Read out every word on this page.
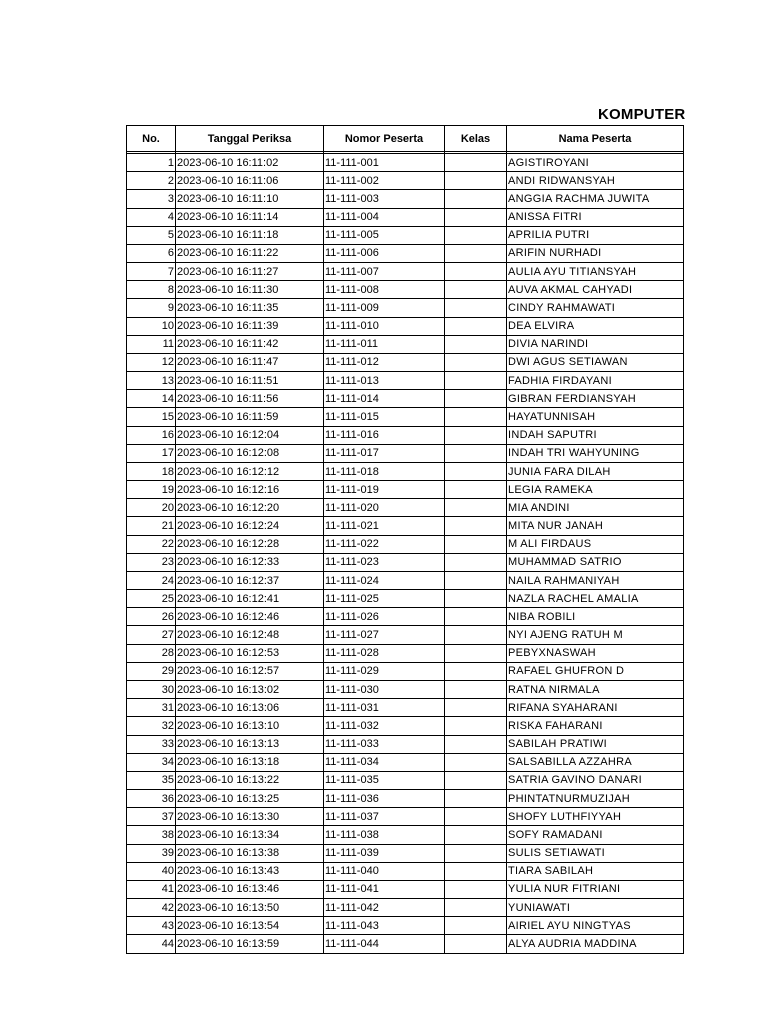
KOMPUTER
No.	Tanggal Periksa	Nomor Peserta	Kelas	Nama Peserta

1	2023-06-10 16:11:02	11-111-001		AGISTIROYANI
2	2023-06-10 16:11:06	11-111-002		ANDI RIDWANSYAH
3	2023-06-10 16:11:10	11-111-003		ANGGIA RACHMA JUWITA
4	2023-06-10 16:11:14	11-111-004		ANISSA FITRI
5	2023-06-10 16:11:18	11-111-005		APRILIA PUTRI
6	2023-06-10 16:11:22	11-111-006		ARIFIN NURHADI
7	2023-06-10 16:11:27	11-111-007		AULIA AYU TITIANSYAH
8	2023-06-10 16:11:30	11-111-008		AUVA AKMAL CAHYADI
9	2023-06-10 16:11:35	11-111-009		CINDY RAHMAWATI
10	2023-06-10 16:11:39	11-111-010		DEA ELVIRA
11	2023-06-10 16:11:42	11-111-011		DIVIA NARINDI
12	2023-06-10 16:11:47	11-111-012		DWI AGUS SETIAWAN
13	2023-06-10 16:11:51	11-111-013		FADHIA FIRDAYANI
14	2023-06-10 16:11:56	11-111-014		GIBRAN FERDIANSYAH
15	2023-06-10 16:11:59	11-111-015		HAYATUNNISAH
16	2023-06-10 16:12:04	11-111-016		INDAH SAPUTRI
17	2023-06-10 16:12:08	11-111-017		INDAH TRI WAHYUNING
18	2023-06-10 16:12:12	11-111-018		JUNIA FARA DILAH
19	2023-06-10 16:12:16	11-111-019		LEGIA RAMEKA
20	2023-06-10 16:12:20	11-111-020		MIA ANDINI
21	2023-06-10 16:12:24	11-111-021		MITA NUR JANAH
22	2023-06-10 16:12:28	11-111-022		M ALI FIRDAUS
23	2023-06-10 16:12:33	11-111-023		MUHAMMAD SATRIO
24	2023-06-10 16:12:37	11-111-024		NAILA RAHMANIYAH
25	2023-06-10 16:12:41	11-111-025		NAZLA RACHEL AMALIA
26	2023-06-10 16:12:46	11-111-026		NIBA ROBILI
27	2023-06-10 16:12:48	11-111-027		NYI AJENG RATUH M
28	2023-06-10 16:12:53	11-111-028		PEBYXNASWAH
29	2023-06-10 16:12:57	11-111-029		RAFAEL GHUFRON D
30	2023-06-10 16:13:02	11-111-030		RATNA NIRMALA
31	2023-06-10 16:13:06	11-111-031		RIFANA SYAHARANI
32	2023-06-10 16:13:10	11-111-032		RISKA FAHARANI
33	2023-06-10 16:13:13	11-111-033		SABILAH PRATIWI
34	2023-06-10 16:13:18	11-111-034		SALSABILLA AZZAHRA
35	2023-06-10 16:13:22	11-111-035		SATRIA GAVINO DANARI
36	2023-06-10 16:13:25	11-111-036		PHINTATNURMUZIJAH
37	2023-06-10 16:13:30	11-111-037		SHOFY LUTHFIYYAH
38	2023-06-10 16:13:34	11-111-038		SOFY RAMADANI
39	2023-06-10 16:13:38	11-111-039		SULIS SETIAWATI
40	2023-06-10 16:13:43	11-111-040		TIARA SABILAH
41	2023-06-10 16:13:46	11-111-041		YULIA NUR FITRIANI
42	2023-06-10 16:13:50	11-111-042		YUNIAWATI
43	2023-06-10 16:13:54	11-111-043		AIRIEL AYU NINGTYAS
44	2023-06-10 16:13:59	11-111-044		ALYA AUDRIA MADDINA
